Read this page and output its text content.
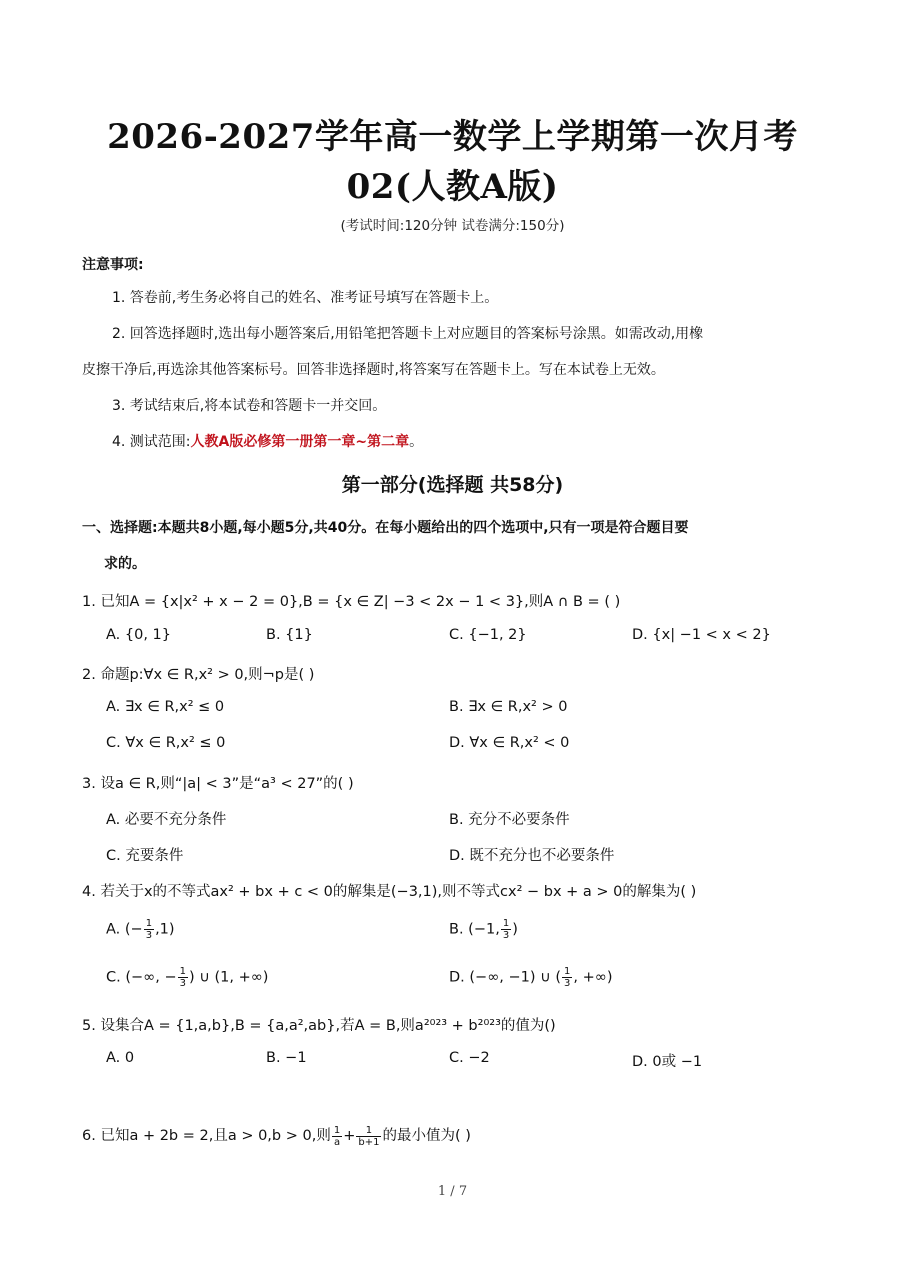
2026-2027学年高一数学上学期第一次月考02(人教A版)
(考试时间:120分钟 试卷满分:150分)
注意事项:
1. 答卷前,考生务必将自己的姓名、准考证号填写在答题卡上。
2. 回答选择题时,选出每小题答案后,用铅笔把答题卡上对应题目的答案标号涂黑。如需改动,用橡
皮擦干净后,再选涂其他答案标号。回答非选择题时,将答案写在答题卡上。写在本试卷上无效。
3. 考试结束后,将本试卷和答题卡一并交回。
4. 测试范围:人教A版必修第一册第一章~第二章。
第一部分(选择题 共58分)
一、选择题:本题共8小题,每小题5分,共40分。在每小题给出的四个选项中,只有一项是符合题目要
求的。
1. 已知A = {x|x² + x − 2 = 0},B = {x ∈ Z| −3 < 2x − 1 < 3},则A ∩ B = ( )
A. {0, 1}	B. {1}	C. {−1, 2}	D. {x| −1 < x < 2}
2. 命题p:∀x ∈ R,x² > 0,则¬p是( )
A. ∃x ∈ R,x² ≤ 0	B. ∃x ∈ R,x² > 0
C. ∀x ∈ R,x² ≤ 0	D. ∀x ∈ R,x² < 0
3. 设a ∈ R,则“|a| < 3”是“a³ < 27”的( )
A. 必要不充分条件	B. 充分不必要条件
C. 充要条件	D. 既不充分也不必要条件
4. 若关于x的不等式ax² + bx + c < 0的解集是(−3,1),则不等式cx² − bx + a > 0的解集为( )
A. (− $\frac{1}{3} ,1$)	B. (−1, $\frac{1}{3}$ )
C. (−∞, − $\frac{1}{3}$ ) ∪ (1, +∞)	D. (−∞, −1) ∪ ( $\frac{1}{3}$ , +∞)
5. 设集合A = {1,a,b},B = {a,a²,ab},若A = B,则a²⁰²³ + b²⁰²³的值为()
A. 0	B. −1	C. −2	D. 0或 −1
6. 已知a + 2b = 2,且a > 0,b > 0,则 $\frac{1}{a} + \frac{1}{b+1}$ 的最小值为( )
1 / 7
